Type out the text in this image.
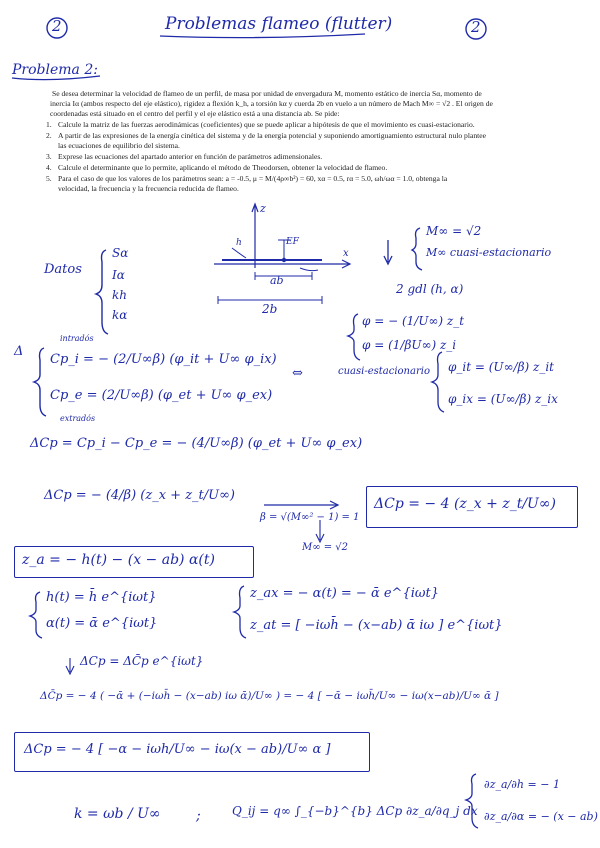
2	Problemas flameo (flutter)	2
Problema 2:
Se desea determinar la velocidad de flameo de un perfil, de masa por unidad de envergadura M, momento estático de inercia Sα, momento de
inercia Iα (ambos respecto del eje elástico), rigidez a flexión k_h, a torsión kα y cuerda 2b en vuelo a un número de Mach M∞ = √2 . El origen de
coordenadas está situado en el centro del perfil y el eje elástico está a una distancia ab. Se pide:
1. Calcule la matriz de las fuerzas aerodinámicas (coeficientes) que se puede aplicar a hipótesis de que el movimiento es cuasi-estacionario.
2. A partir de las expresiones de la energía cinética del sistema y de la energía potencial y suponiendo amortiguamiento estructural nulo plantee
las ecuaciones de equilibrio del sistema.
3. Exprese las ecuaciones del apartado anterior en función de parámetros adimensionales.
4. Calcule el determinante que lo permite, aplicando el método de Theodorsen, obtener la velocidad de flameo.
5. Para el caso de que los valores de los parámetros sean: a = -0.5, μ = M/(4ρ∞b²) = 60, xα = 0.5, rα = 5.0, ωh/ωα = 1.0, obtenga la
velocidad, la frecuencia y la frecuencia reducida de flameo.
Datos
Sα
Iα
kh
kα
z
EF
x
h
ab
2b
M∞ = √2
M∞ cuasi-estacionario
2 gdl (h, α)
φ = − (1/U∞) z_t
φ = (1/βU∞) z_i
Δ
Cp_i = − (2/U∞β) (φ_it + U∞ φ_ix)
intradós
Cp_e = (2/U∞β) (φ_et + U∞ φ_ex)
extradós
⇔	cuasi-estacionario φ_it = (U∞/β) z_it
φ_ix = (U∞/β) z_ix
ΔCp = Cp_i − Cp_e = − (4/U∞β) (φ_et + U∞ φ_ex)
ΔCp = − (4/β) (z_x + z_t/U∞)
β = √(M∞² − 1) = 1
M∞ = √2
ΔCp = − 4 (z_x + z_t/U∞)
z_a = − h(t) − (x − ab) α(t)
h(t) = h̄ e^{iωt}
α(t) = ᾱ e^{iωt}
z_ax = − α(t) = − ᾱ e^{iωt}
z_at = [ −iωh̄ − (x−ab) ᾱ iω ] e^{iωt}
ΔCp = ΔC̄p e^{iωt}
ΔC̄p = − 4 ( −ᾱ + (−iωh̄ − (x−ab) iω ᾱ)/U∞ ) = − 4 [ −ᾱ − iωh̄/U∞ − iω(x−ab)/U∞ ᾱ ]
ΔCp = − 4 [ −α − iωh/U∞ − iω(x − ab)/U∞ α ]
k = ωb / U∞	;	Q_ij = q∞ ∫_{−b}^{b} ΔCp ∂z_a/∂q_j dx
∂z_a/∂h = − 1
∂z_a/∂α = − (x − ab)
